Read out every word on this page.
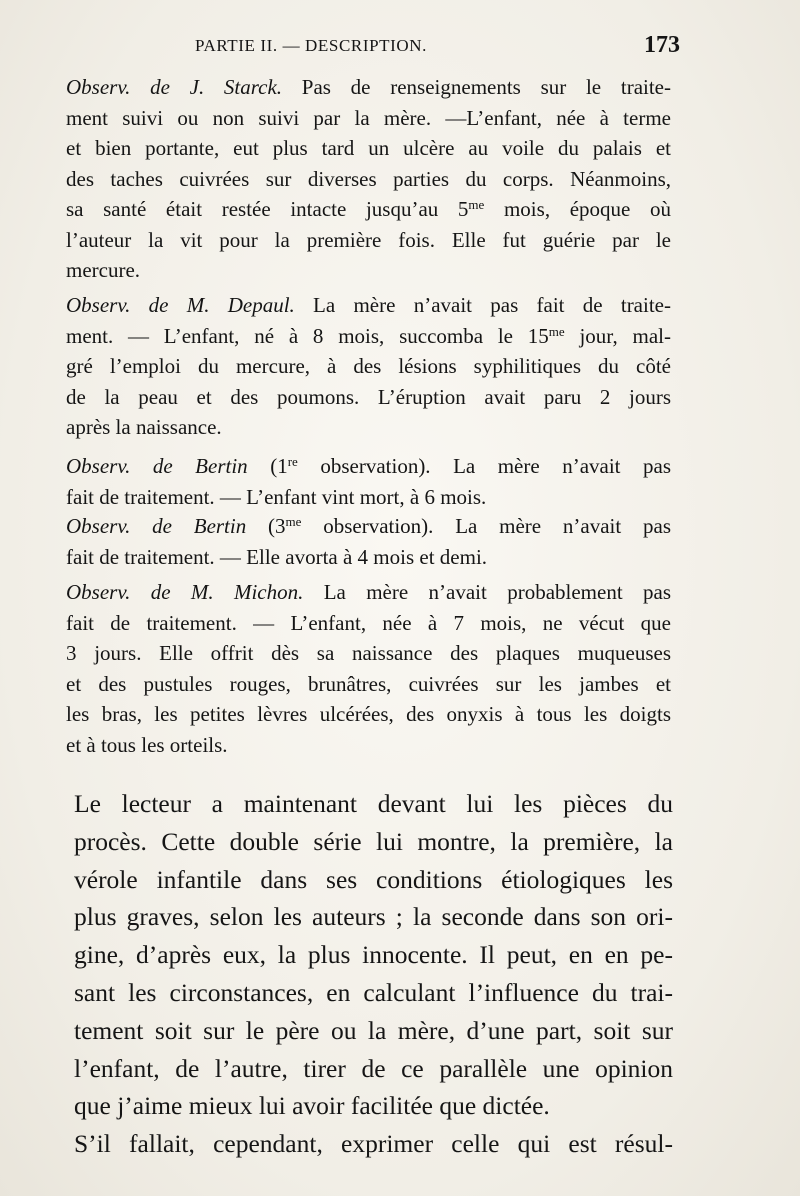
PARTIE II. — DESCRIPTION.	173

Observ. de J. Starck. Pas de renseignements sur le traite-
ment suivi ou non suivi par la mère. —L’enfant, née à terme
et bien portante, eut plus tard un ulcère au voile du palais et
des taches cuivrées sur diverses parties du corps. Néanmoins,
sa santé était restée intacte jusqu’au $5^{me}$ mois, époque où
l’auteur la vit pour la première fois. Elle fut guérie par le
mercure.

Observ. de M. Depaul. La mère n’avait pas fait de traite-
ment. — L’enfant, né à 8 mois, succomba le $15^{me}$ jour, mal-
gré l’emploi du mercure, à des lésions syphilitiques du côté
de la peau et des poumons. L’éruption avait paru 2 jours
après la naissance.

Observ. de Bertin (1re observation). La mère n’avait pas
fait de traitement. — L’enfant vint mort, à 6 mois.

Observ. de Bertin ($3^{me}$ observation). La mère n’avait pas
fait de traitement. — Elle avorta à 4 mois et demi.

Observ. de M. Michon. La mère n’avait probablement pas
fait de traitement. — L’enfant, née à 7 mois, ne vécut que
3 jours. Elle offrit dès sa naissance des plaques muqueuses
et des pustules rouges, brunâtres, cuivrées sur les jambes et
les bras, les petites lèvres ulcérées, des onyxis à tous les doigts
et à tous les orteils.

Le lecteur a maintenant devant lui les pièces du
procès. Cette double série lui montre, la première, la
vérole infantile dans ses conditions étiologiques les
plus graves, selon les auteurs ; la seconde dans son ori-
gine, d’après eux, la plus innocente. Il peut, en en pe-
sant les circonstances, en calculant l’influence du trai-
tement soit sur le père ou la mère, d’une part, soit sur
l’enfant, de l’autre, tirer de ce parallèle une opinion
que j’aime mieux lui avoir facilitée que dictée.

S’il fallait, cependant, exprimer celle qui est résul-
